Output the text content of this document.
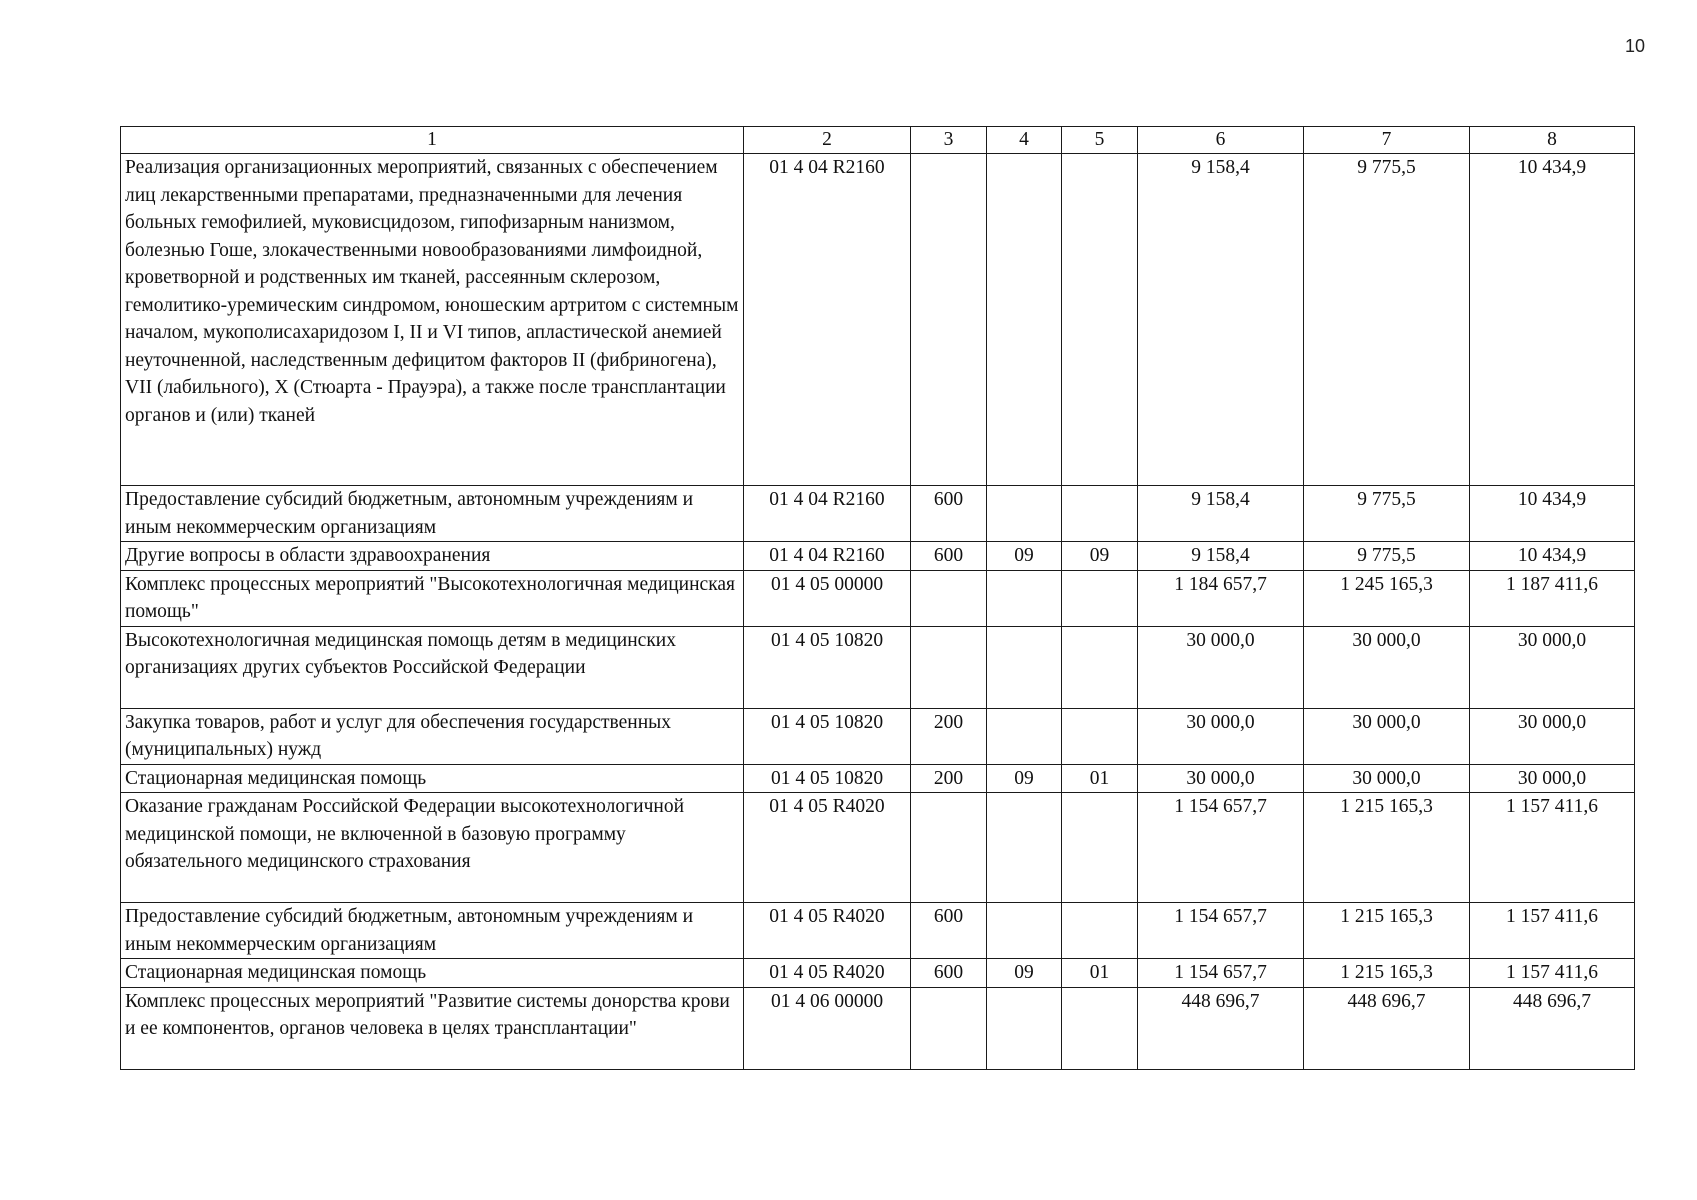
10
1	2	3	4	5	6	7	8
Реализация организационных мероприятий, связанных с обеспечением лиц лекарственными препаратами, предназначенными для лечения больных гемофилией, муковисцидозом, гипофизарным нанизмом, болезнью Гоше, злокачественными новообразованиями лимфоидной, кроветворной и родственных им тканей, рассеянным склерозом, гемолитико-уремическим синдромом, юношеским артритом с системным началом, мукополисахаридозом I, II и VI типов, апластической анемией неуточненной, наследственным дефицитом факторов II (фибриногена), VII (лабильного), X (Стюарта - Прауэра), а также после трансплантации органов и (или) тканей	01 4 04 R2160				9 158,4	9 775,5	10 434,9
Предоставление субсидий бюджетным, автономным учреждениям и иным некоммерческим организациям	01 4 04 R2160	600			9 158,4	9 775,5	10 434,9
Другие вопросы в области здравоохранения	01 4 04 R2160	600	09	09	9 158,4	9 775,5	10 434,9
Комплекс процессных мероприятий "Высокотехнологичная медицинская помощь"	01 4 05 00000				1 184 657,7	1 245 165,3	1 187 411,6
Высокотехнологичная медицинская помощь детям в медицинских организациях других субъектов Российской Федерации	01 4 05 10820				30 000,0	30 000,0	30 000,0
Закупка товаров, работ и услуг для обеспечения государственных (муниципальных) нужд	01 4 05 10820	200			30 000,0	30 000,0	30 000,0
Стационарная медицинская помощь	01 4 05 10820	200	09	01	30 000,0	30 000,0	30 000,0
Оказание гражданам Российской Федерации высокотехнологичной медицинской помощи, не включенной в базовую программу обязательного медицинского страхования	01 4 05 R4020				1 154 657,7	1 215 165,3	1 157 411,6
Предоставление субсидий бюджетным, автономным учреждениям и иным некоммерческим организациям	01 4 05 R4020	600			1 154 657,7	1 215 165,3	1 157 411,6
Стационарная медицинская помощь	01 4 05 R4020	600	09	01	1 154 657,7	1 215 165,3	1 157 411,6
Комплекс процессных мероприятий "Развитие системы донорства крови и ее компонентов, органов человека в целях трансплантации"	01 4 06 00000				448 696,7	448 696,7	448 696,7
